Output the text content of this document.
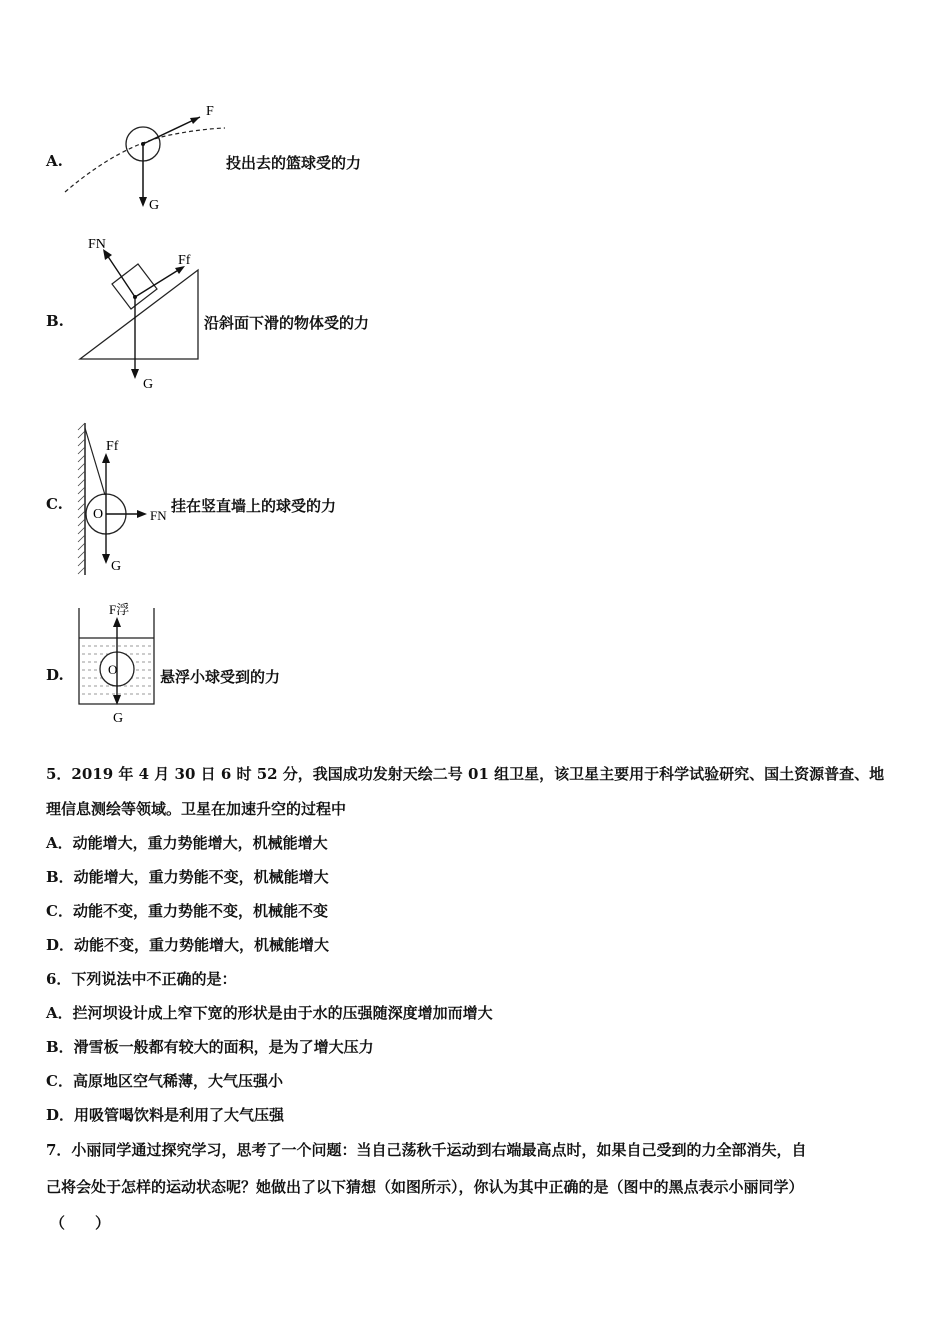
A.
F
G
投出去的篮球受的力
B.
FN
Ff
G
沿斜面下滑的物体受的力
C.
O
Ff
FN
G
挂在竖直墙上的球受的力
D.	O
F浮
G
悬浮小球受到的力
5．2019 年 4 月 30 日 6 时 52 分，我国成功发射天绘二号 01 组卫星，该卫星主要用于科学试验研究、国土资源普查、地
理信息测绘等领域。卫星在加速升空的过程中
A．动能增大，重力势能增大，机械能增大
B．动能增大，重力势能不变，机械能增大
C．动能不变，重力势能不变，机械能不变
D．动能不变，重力势能增大，机械能增大
6．下列说法中不正确的是：
A．拦河坝设计成上窄下宽的形状是由于水的压强随深度增加而增大
B．滑雪板一般都有较大的面积，是为了增大压力
C．高原地区空气稀薄，大气压强小
D．用吸管喝饮料是利用了大气压强
7．小丽同学通过探究学习，思考了一个问题：当自己荡秋千运动到右端最高点时，如果自己受到的力全部消失，自
己将会处于怎样的运动状态呢？她做出了以下猜想（如图所示），你认为其中正确的是（图中的黑点表示小丽同学）
（　　）
